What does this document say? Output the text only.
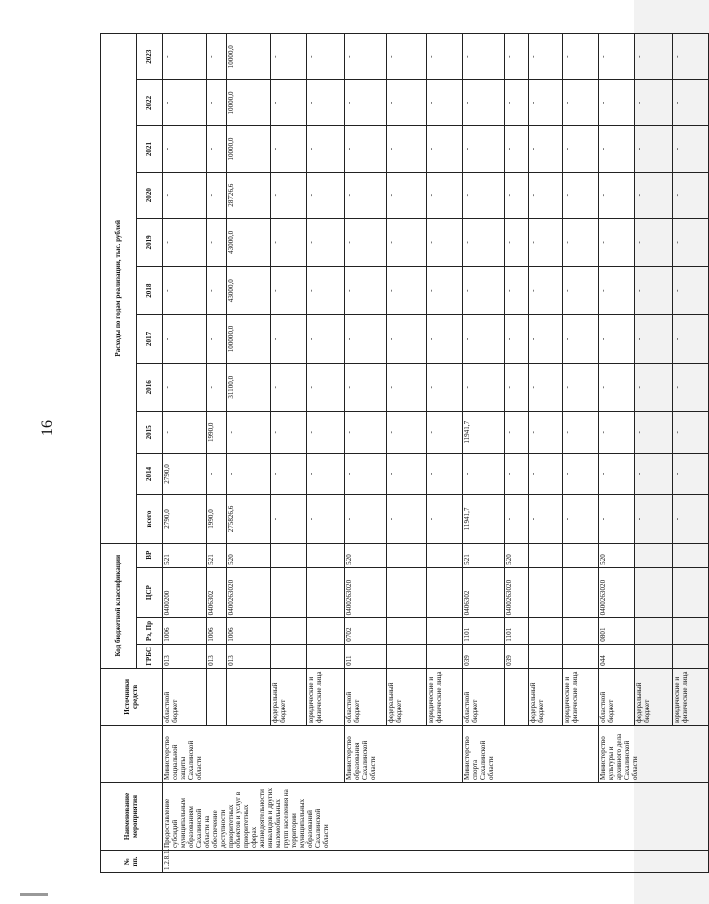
16
№ пп.	Наименование мероприятия		Источники средств	Код бюджетной классификации				Расходы по годам реализации, тыс. рублей										
				ГРБС	Рз, Пр	ЦСР	ВР	всего	2014	2015	2016	2017	2018	2019	2020	2021	2022	2023
1.2.8.1.	Предоставление субсидий муниципальным образованиям Сахалинской области на обеспечение доступности приоритетных объектов и услуг в приоритетных сферах жизнедеятельности инвалидов и других маломобильных групп населения на территории муниципальных образований Сахалинской области	Министерство социальной защиты Сахалинской области	областной бюджет	013	1006	0400200	521	2790,0	2790,0	-	-	-	-	-	-	-	-	-
				013	1006	0406302	521	1990,0	-	1990,0	-	-	-	-	-	-	-	-
				013	1006	0400263020	520	275826,6	-	-	31100,0	100000,0	43000,0	43000,0	28726,6	10000,0	10000,0	10000,0
			федеральный бюджет					-	-	-	-	-	-	-	-	-	-	-
			юридические и физические лица					-	-	-	-	-	-	-	-	-	-	-
		Министерство образования Сахалинской области	областной бюджет	011	0702	0400263020	520	-	-	-	-	-	-	-	-	-	-	-
			федеральный бюджет					-	-	-	-	-	-	-	-	-	-	-
			юридические и физические лица					-	-	-	-	-	-	-	-	-	-	-
		Министерство спорта Сахалинской области	областной бюджет	039	1101	0406302	521	11941,7	-	11941,7	-	-	-	-	-	-	-	-
				039	1101	0400263020	520	-	-	-	-	-	-	-	-	-	-	-
			федеральный бюджет					-	-	-	-	-	-	-	-	-	-	-
			юридические и физические лица					-	-	-	-	-	-	-	-	-	-	-
		Министерство культуры и архивного дела Сахалинской области	областной бюджет	044	0801	0400263020	520	-	-	-	-	-	-	-	-	-	-	-
			федеральный бюджет					-	-	-	-	-	-	-	-	-	-	-
			юридические и физические лица					-	-	-	-	-	-	-	-	-	-	-
